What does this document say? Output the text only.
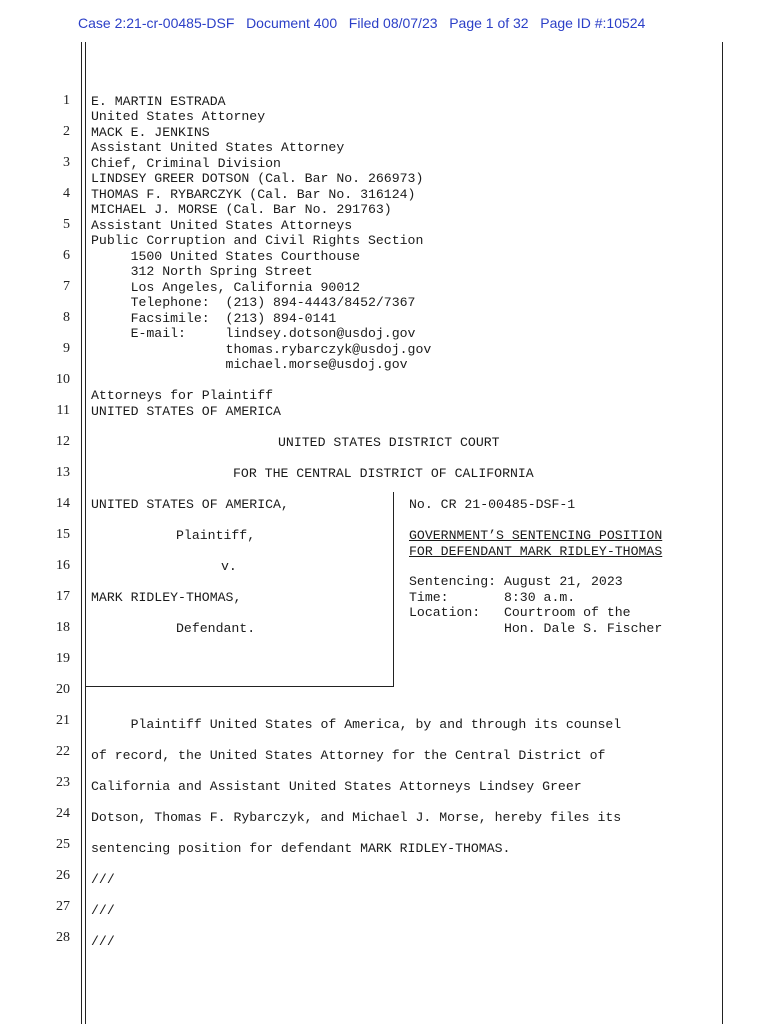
Case 2:21-cr-00485-DSF   Document 400   Filed 08/07/23   Page 1 of 32   Page ID #:10524
1
2
3
4
5
6
7
8
9
10
11
12
13
14
15
16
17
18
19
20
21
22
23
24
25
26
27
28
E. MARTIN ESTRADA
United States Attorney
MACK E. JENKINS
Assistant United States Attorney
Chief, Criminal Division
LINDSEY GREER DOTSON (Cal. Bar No. 266973)
THOMAS F. RYBARCZYK (Cal. Bar No. 316124)
MICHAEL J. MORSE (Cal. Bar No. 291763)
Assistant United States Attorneys
Public Corruption and Civil Rights Section
1500 United States Courthouse
312 North Spring Street
Los Angeles, California 90012
Telephone:  (213) 894-4443/8452/7367
Facsimile:  (213) 894-0141
E-mail:     lindsey.dotson@usdoj.gov
thomas.rybarczyk@usdoj.gov
michael.morse@usdoj.gov
Attorneys for Plaintiff
UNITED STATES OF AMERICA
UNITED STATES DISTRICT COURT
FOR THE CENTRAL DISTRICT OF CALIFORNIA
UNITED STATES OF AMERICA,
Plaintiff,
v.
MARK RIDLEY-THOMAS,
Defendant.
No. CR 21-00485-DSF-1
GOVERNMENT’S SENTENCING POSITION
FOR DEFENDANT MARK RIDLEY-THOMAS
Sentencing: August 21, 2023
Time:       8:30 a.m.
Location:   Courtroom of the
Hon. Dale S. Fischer
Plaintiff United States of America, by and through its counsel
of record, the United States Attorney for the Central District of
California and Assistant United States Attorneys Lindsey Greer
Dotson, Thomas F. Rybarczyk, and Michael J. Morse, hereby files its
sentencing position for defendant MARK RIDLEY-THOMAS.
///
///
///
